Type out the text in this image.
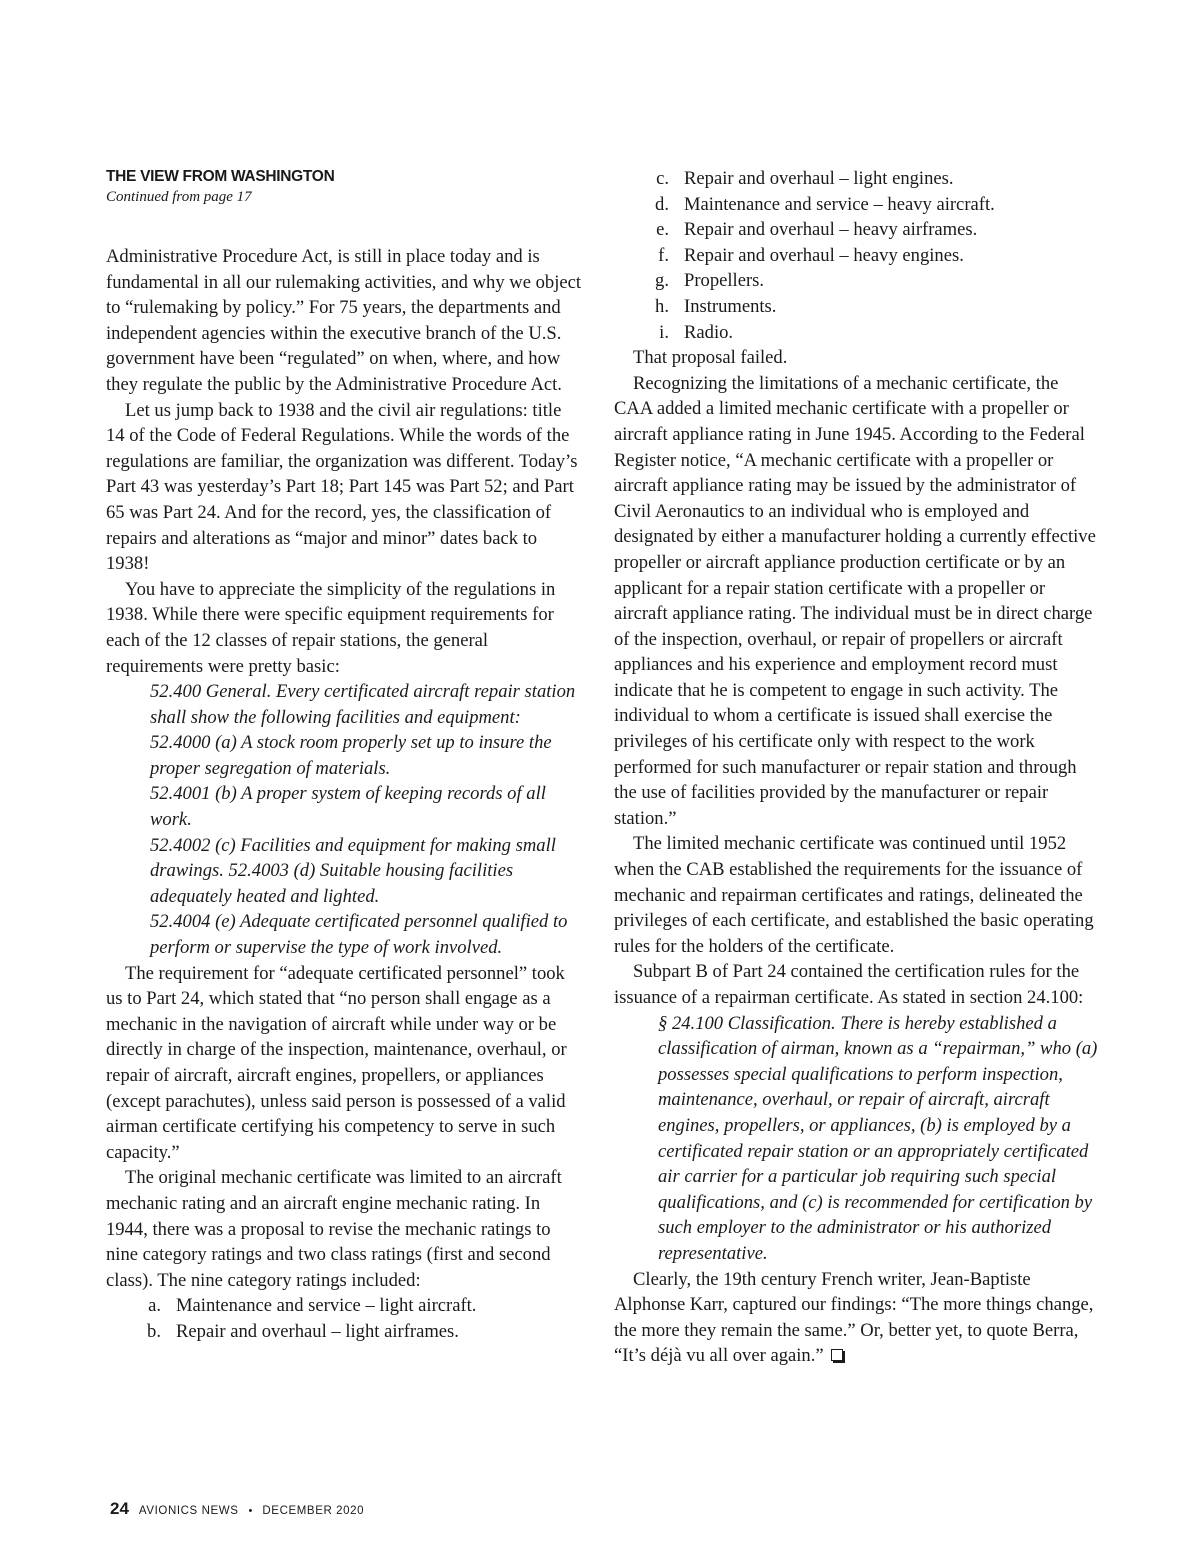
THE VIEW FROM WASHINGTON
Continued from page 17

Administrative Procedure Act, is still in place today and is fundamental in all our rulemaking activities, and why we object to “rulemaking by policy.” For 75 years, the departments and independent agencies within the executive branch of the U.S. government have been “regulated” on when, where, and how they regulate the public by the Administrative Procedure Act.

Let us jump back to 1938 and the civil air regulations: title 14 of the Code of Federal Regulations. While the words of the regulations are familiar, the organization was different. Today’s Part 43 was yesterday’s Part 18; Part 145 was Part 52; and Part 65 was Part 24. And for the record, yes, the classification of repairs and alterations as “major and minor” dates back to 1938!

You have to appreciate the simplicity of the regulations in 1938. While there were specific equipment requirements for each of the 12 classes of repair stations, the general requirements were pretty basic:

52.400 General. Every certificated aircraft repair station shall show the following facilities and equipment:
52.4000 (a) A stock room properly set up to insure the proper segregation of materials.
52.4001 (b) A proper system of keeping records of all work.
52.4002 (c) Facilities and equipment for making small drawings. 52.4003 (d) Suitable housing facilities adequately heated and lighted.
52.4004 (e) Adequate certificated personnel qualified to perform or supervise the type of work involved.

The requirement for “adequate certificated personnel” took us to Part 24, which stated that “no person shall engage as a mechanic in the navigation of aircraft while under way or be directly in charge of the inspection, maintenance, overhaul, or repair of aircraft, aircraft engines, propellers, or appliances (except parachutes), unless said person is possessed of a valid airman certificate certifying his competency to serve in such capacity.”

The original mechanic certificate was limited to an aircraft mechanic rating and an aircraft engine mechanic rating. In 1944, there was a proposal to revise the mechanic ratings to nine category ratings and two class ratings (first and second class). The nine category ratings included:

a. Maintenance and service – light aircraft.
b. Repair and overhaul – light airframes.
c. Repair and overhaul – light engines.
d. Maintenance and service – heavy aircraft.
e. Repair and overhaul – heavy airframes.
f. Repair and overhaul – heavy engines.
g. Propellers.
h. Instruments.
i. Radio.

That proposal failed.

Recognizing the limitations of a mechanic certificate, the CAA added a limited mechanic certificate with a propeller or aircraft appliance rating in June 1945. According to the Federal Register notice, “A mechanic certificate with a propeller or aircraft appliance rating may be issued by the administrator of Civil Aeronautics to an individual who is employed and designated by either a manufacturer holding a currently effective propeller or aircraft appliance production certificate or by an applicant for a repair station certificate with a propeller or aircraft appliance rating. The individual must be in direct charge of the inspection, overhaul, or repair of propellers or aircraft appliances and his experience and employment record must indicate that he is competent to engage in such activity. The individual to whom a certificate is issued shall exercise the privileges of his certificate only with respect to the work performed for such manufacturer or repair station and through the use of facilities provided by the manufacturer or repair station.”

The limited mechanic certificate was continued until 1952 when the CAB established the requirements for the issuance of mechanic and repairman certificates and ratings, delineated the privileges of each certificate, and established the basic operating rules for the holders of the certificate.

Subpart B of Part 24 contained the certification rules for the issuance of a repairman certificate. As stated in section 24.100:

§ 24.100 Classification. There is hereby established a classification of airman, known as a “repairman,” who (a) possesses special qualifications to perform inspection, maintenance, overhaul, or repair of aircraft, aircraft engines, propellers, or appliances, (b) is employed by a certificated repair station or an appropriately certificated air carrier for a particular job requiring such special qualifications, and (c) is recommended for certification by such employer to the administrator or his authorized representative.

Clearly, the 19th century French writer, Jean-Baptiste Alphonse Karr, captured our findings: “The more things change, the more they remain the same.” Or, better yet, to quote Berra, “It’s déjà vu all over again.”

24 AVIONICS NEWS • DECEMBER 2020
